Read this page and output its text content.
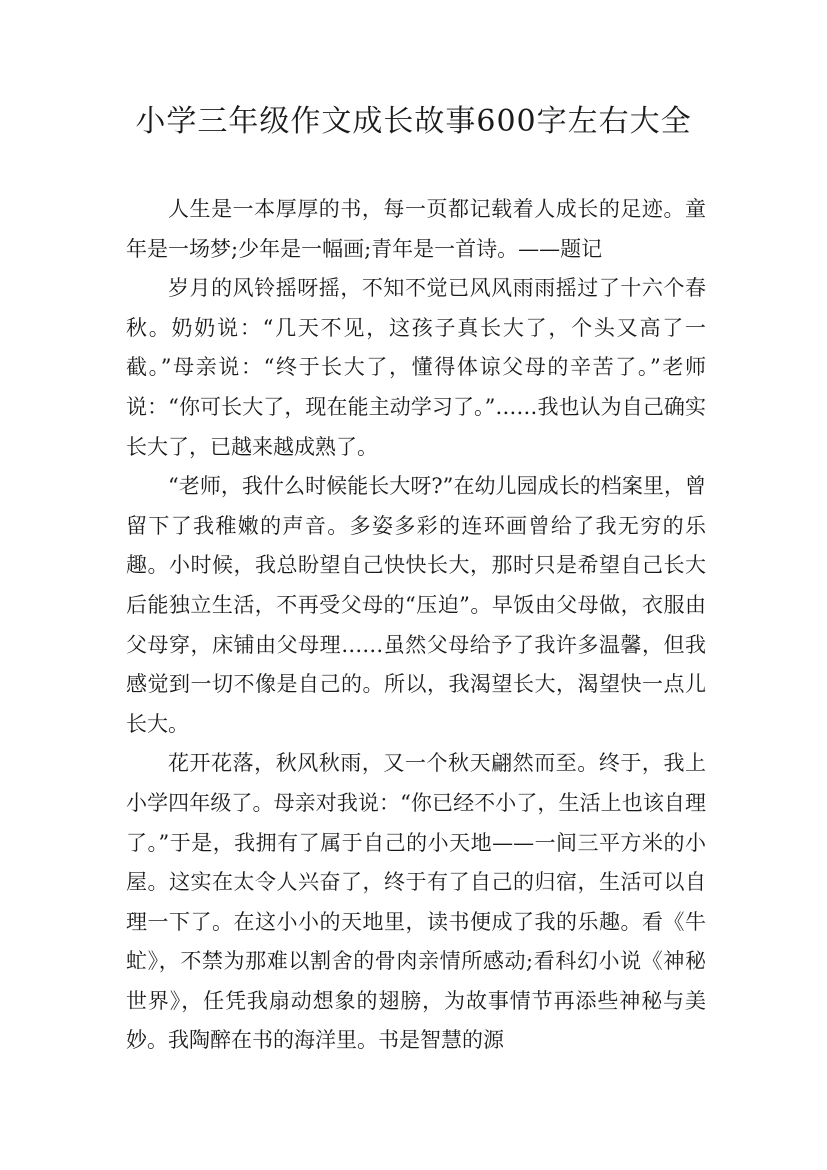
小学三年级作文成长故事600字左右大全

人生是一本厚厚的书，每一页都记载着人成长的足迹。童年是一场梦;少年是一幅画;青年是一首诗。——题记

岁月的风铃摇呀摇，不知不觉已风风雨雨摇过了十六个春秋。奶奶说：“几天不见，这孩子真长大了，个头又高了一截。”母亲说：“终于长大了，懂得体谅父母的辛苦了。”老师说：“你可长大了，现在能主动学习了。”……我也认为自己确实长大了，已越来越成熟了。

“老师，我什么时候能长大呀?”在幼儿园成长的档案里，曾留下了我稚嫩的声音。多姿多彩的连环画曾给了我无穷的乐趣。小时候，我总盼望自己快快长大，那时只是希望自己长大后能独立生活，不再受父母的“压迫”。早饭由父母做，衣服由父母穿，床铺由父母理……虽然父母给予了我许多温馨，但我感觉到一切不像是自己的。所以，我渴望长大，渴望快一点儿长大。

花开花落，秋风秋雨，又一个秋天翩然而至。终于，我上小学四年级了。母亲对我说：“你已经不小了，生活上也该自理了。”于是，我拥有了属于自己的小天地——一间三平方米的小屋。这实在太令人兴奋了，终于有了自己的归宿，生活可以自理一下了。在这小小的天地里，读书便成了我的乐趣。看《牛虻》，不禁为那难以割舍的骨肉亲情所感动;看科幻小说《神秘世界》，任凭我扇动想象的翅膀，为故事情节再添些神秘与美妙。我陶醉在书的海洋里。书是智慧的源
